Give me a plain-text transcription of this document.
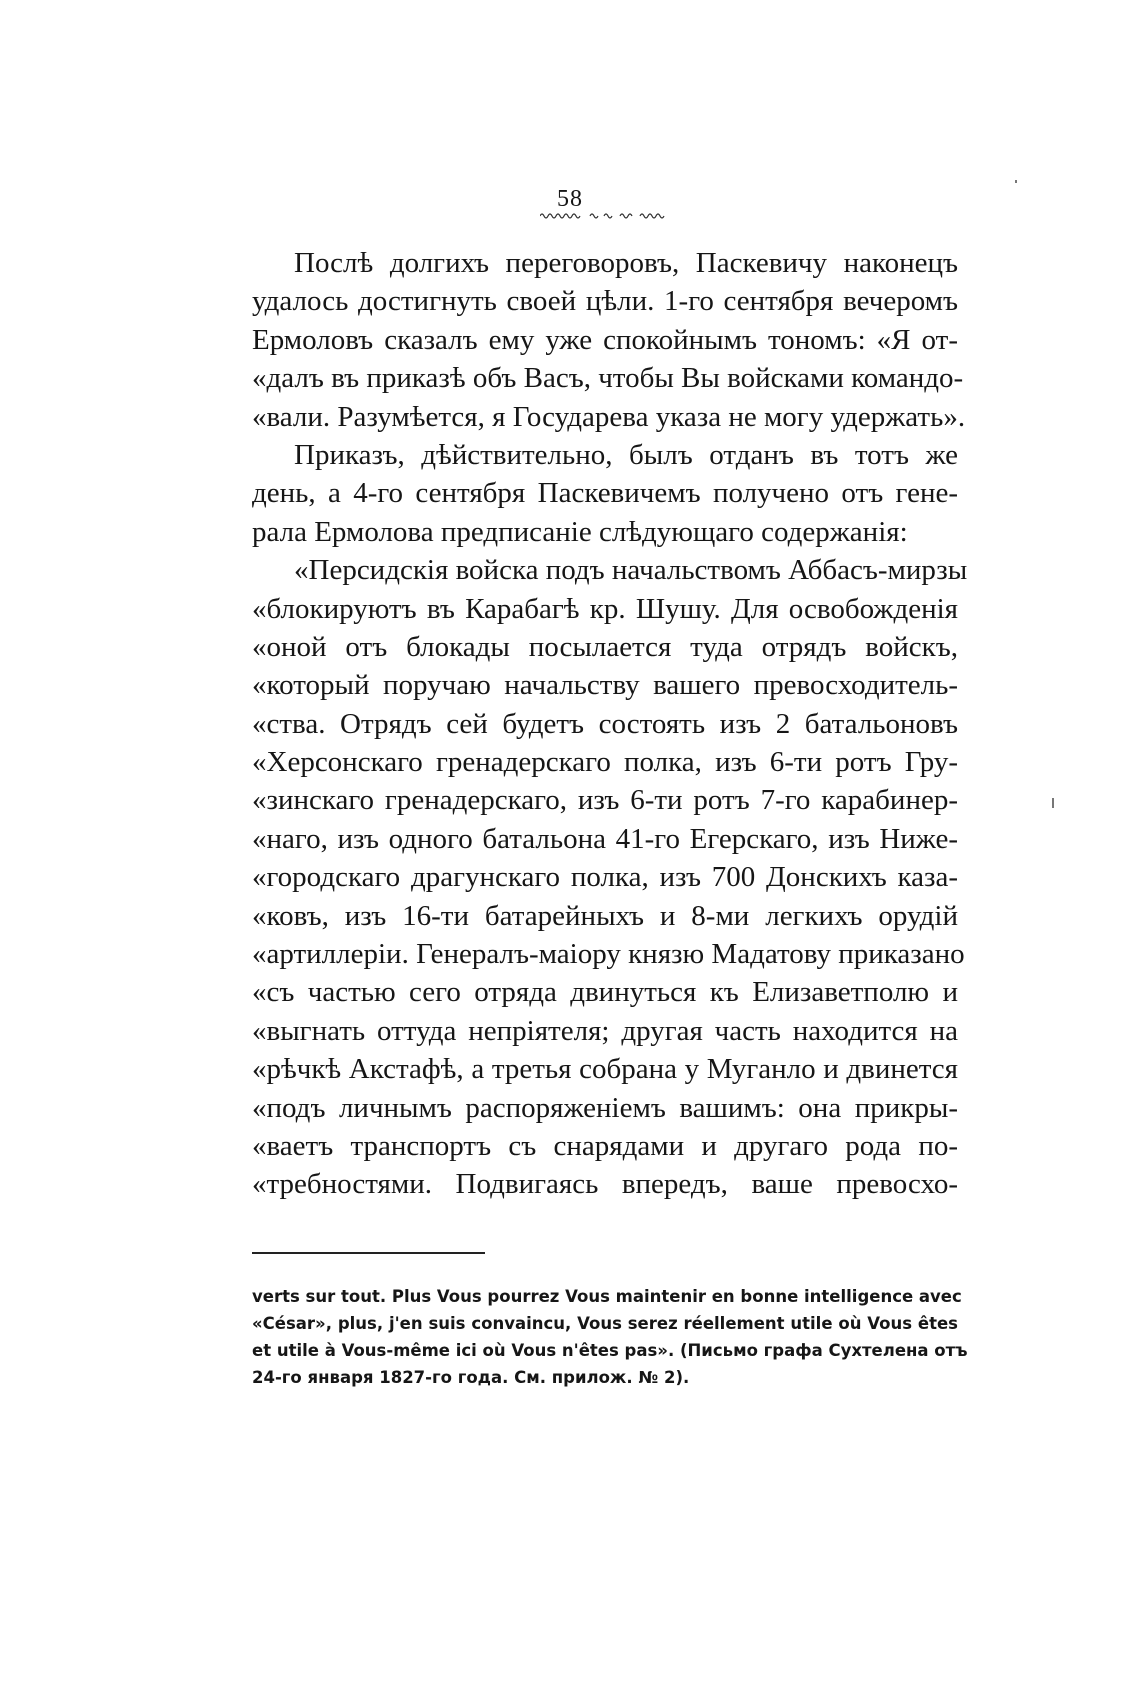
58
Послѣ долгихъ переговоровъ, Паскевичу наконецъ
удалось достигнуть своей цѣли. 1-го сентября вечеромъ
Ермоловъ сказалъ ему уже спокойнымъ тономъ: «Я от-
«далъ въ приказѣ объ Васъ, чтобы Вы войсками командо-
«вали. Разумѣется, я Государева указа не могу удержать».
Приказъ, дѣйствительно, былъ отданъ въ тотъ же
день, а 4-го сентября Паскевичемъ получено отъ гене-
рала Ермолова предписаніе слѣдующаго содержанія:
«Персидскія войска подъ начальствомъ Аббасъ-мирзы
«блокируютъ въ Карабагѣ кр. Шушу. Для освобожденія
«оной отъ блокады посылается туда отрядъ войскъ,
«который поручаю начальству вашего превосходитель-
«ства. Отрядъ сей будетъ состоять изъ 2 батальоновъ
«Херсонскаго гренадерскаго полка, изъ 6-ти ротъ Гру-
«зинскаго гренадерскаго, изъ 6-ти ротъ 7-го карабинер-
«наго, изъ одного батальона 41-го Егерскаго, изъ Ниже-
«городскаго драгунскаго полка, изъ 700 Донскихъ каза-
«ковъ, изъ 16-ти батарейныхъ и 8-ми легкихъ орудій
«артиллеріи. Генералъ-маіору князю Мадатову приказано
«съ частью сего отряда двинуться къ Елизаветполю и
«выгнать оттуда непріятеля; другая часть находится на
«рѣчкѣ Акстафѣ, а третья собрана у Муганло и двинется
«подъ личнымъ распоряженіемъ вашимъ: она прикры-
«ваетъ транспортъ съ снарядами и другаго рода по-
«требностями. Подвигаясь впередъ, ваше превосхо-
verts sur tout. Plus Vous pourrez Vous maintenir en bonne intelligence avec
«César», plus, j'en suis convaincu, Vous serez réellement utile où Vous êtes
et utile à Vous-même ici où Vous n'êtes pas». (Письмо графа Сухтелена отъ
24-го января 1827-го года. См. прилож. № 2).
